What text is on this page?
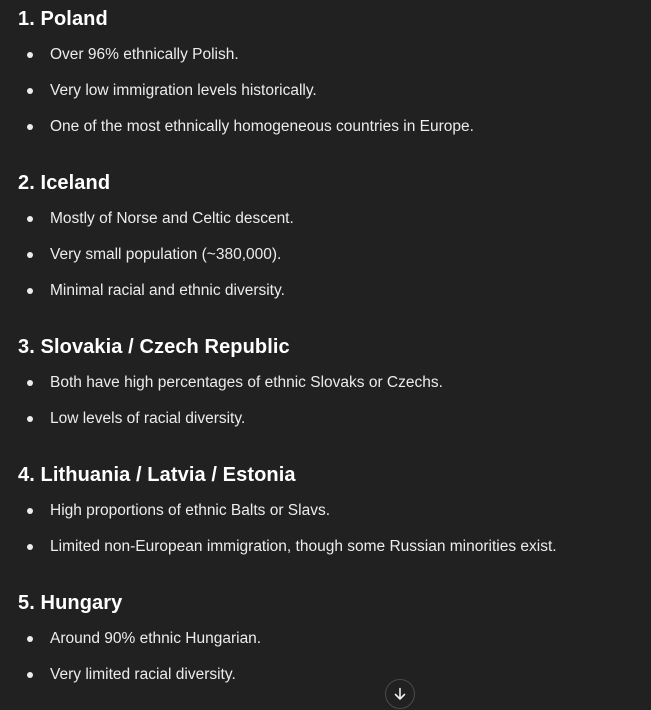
1. Poland
Over 96% ethnically Polish.
Very low immigration levels historically.
One of the most ethnically homogeneous countries in Europe.
2. Iceland
Mostly of Norse and Celtic descent.
Very small population (~380,000).
Minimal racial and ethnic diversity.
3. Slovakia / Czech Republic
Both have high percentages of ethnic Slovaks or Czechs.
Low levels of racial diversity.
4. Lithuania / Latvia / Estonia
High proportions of ethnic Balts or Slavs.
Limited non-European immigration, though some Russian minorities exist.
5. Hungary
Around 90% ethnic Hungarian.
Very limited racial diversity.
